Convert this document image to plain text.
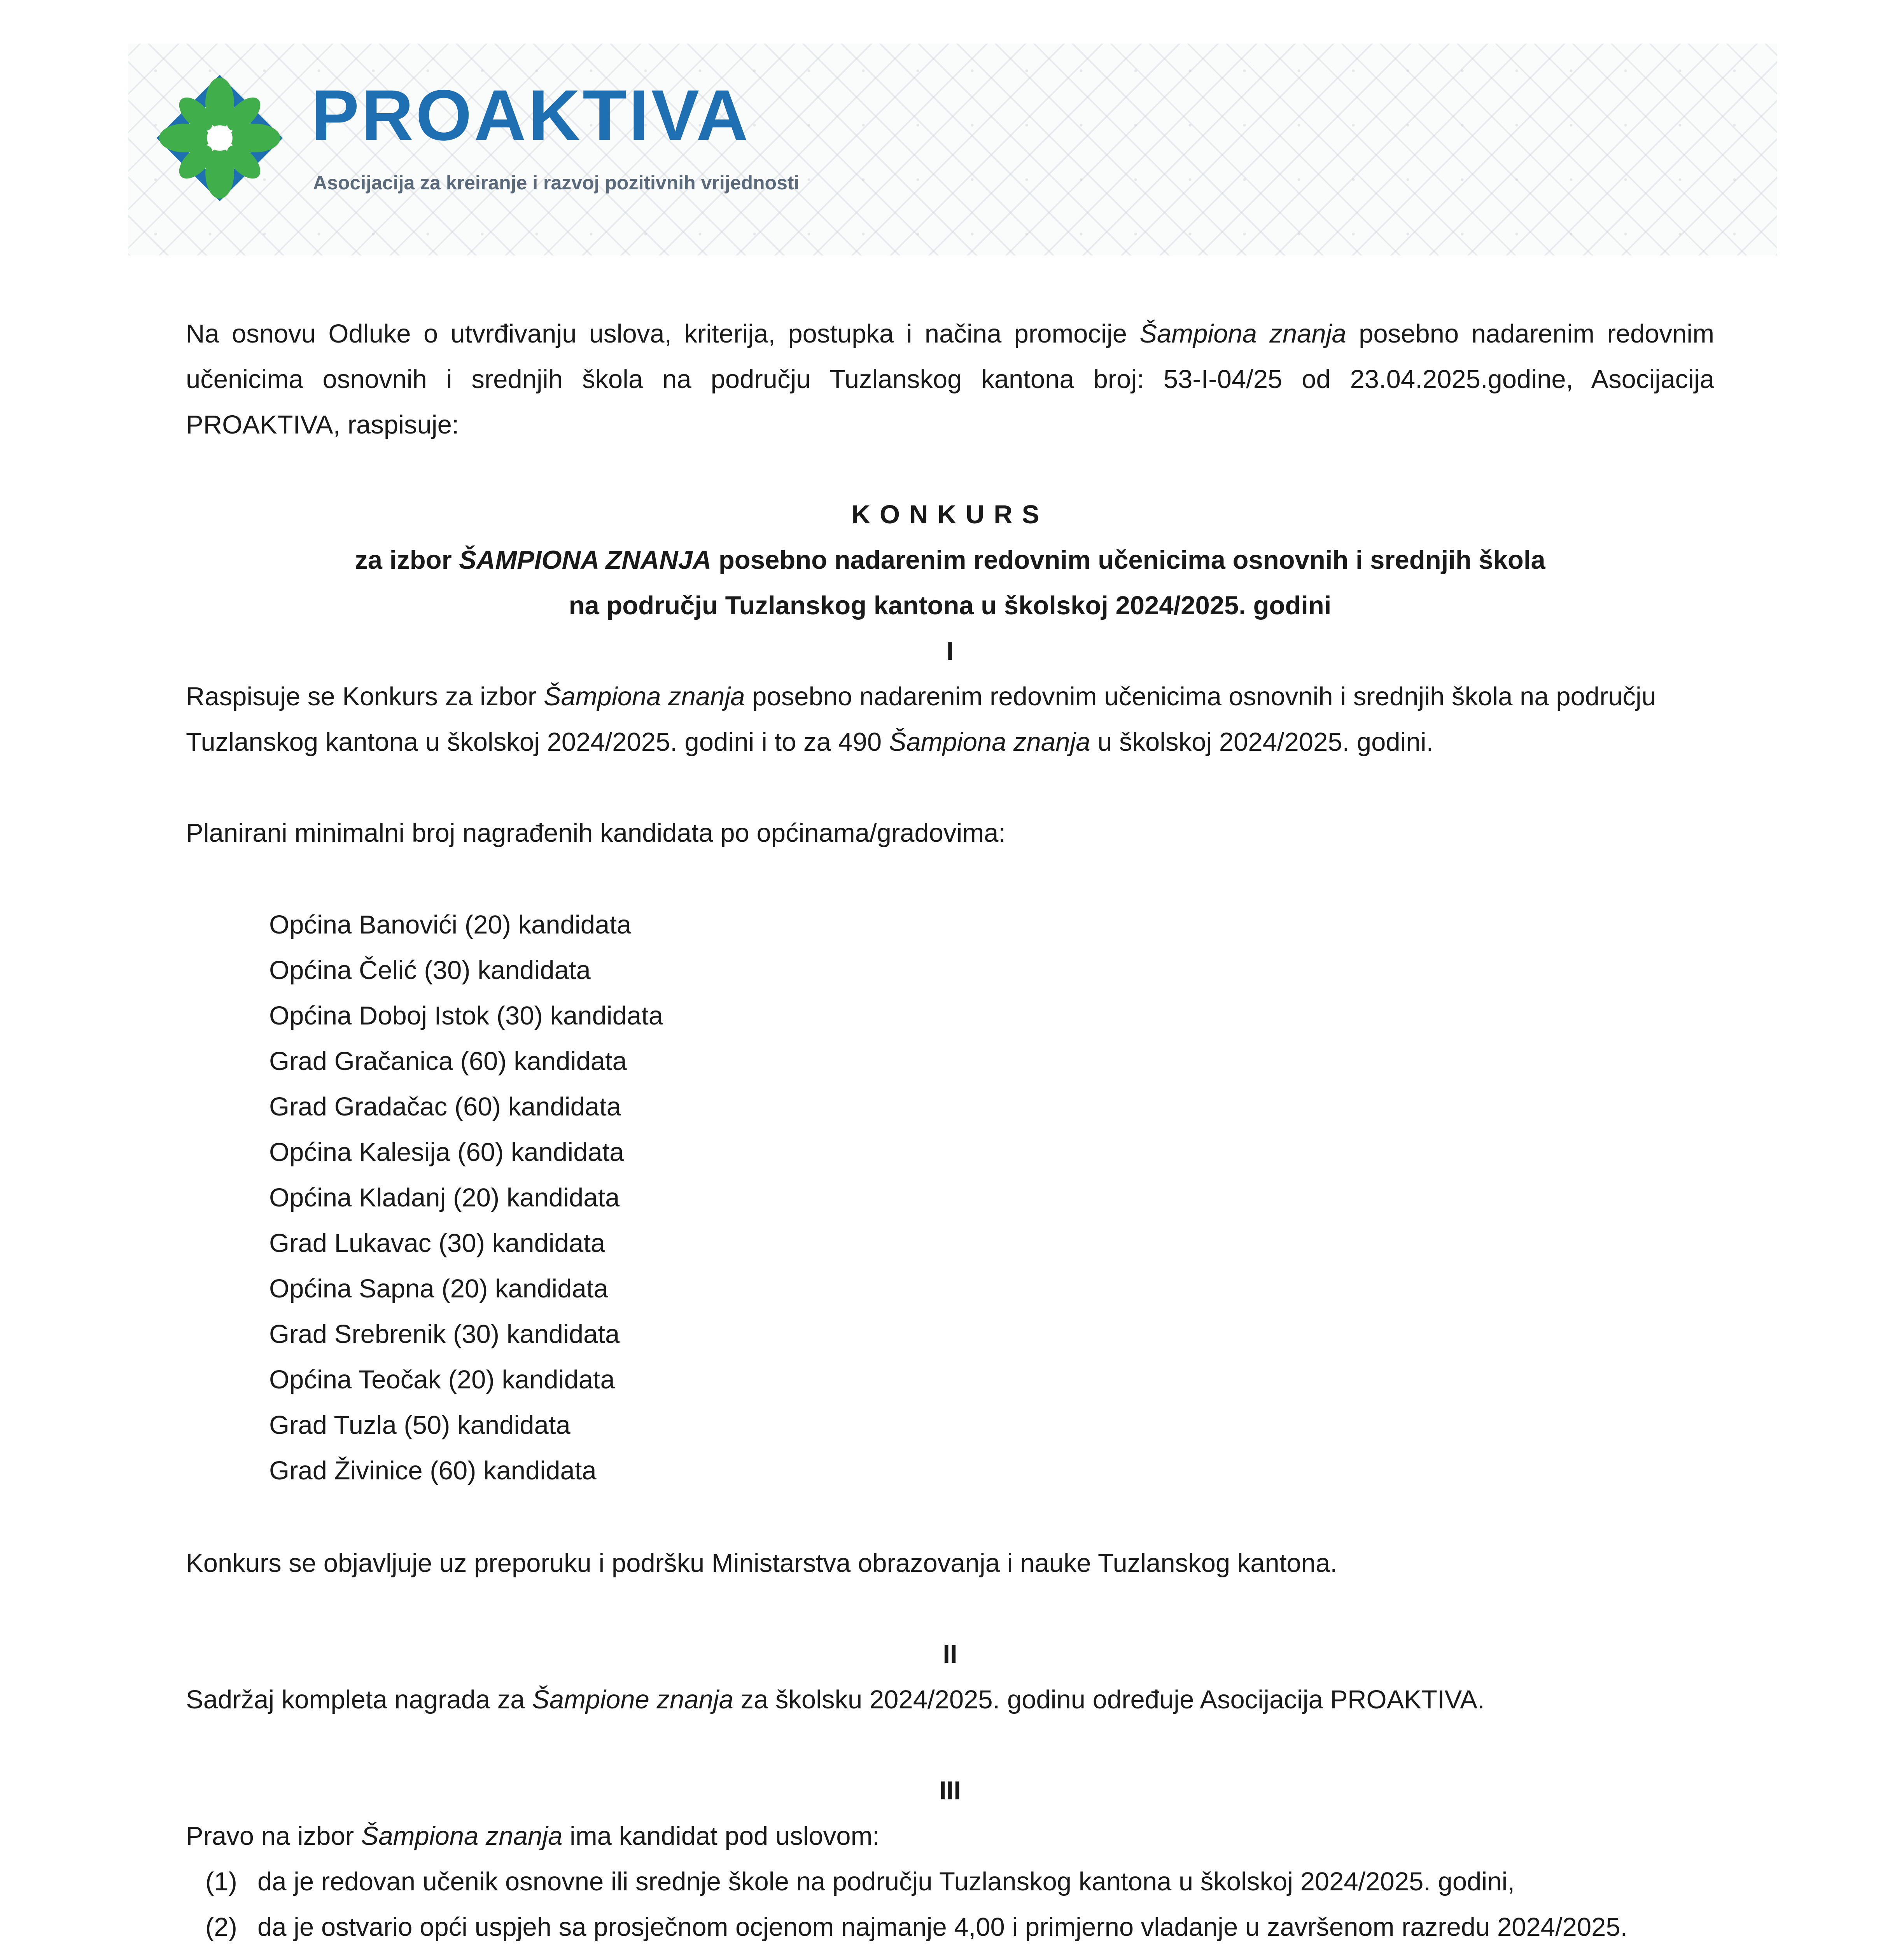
PROAKTIVA
Asocijacija za kreiranje i razvoj pozitivnih vrijednosti
Na osnovu Odluke o utvrđivanju uslova, kriterija, postupka i načina promocije Šampiona znanja posebno nadarenim redovnim učenicima osnovnih i srednjih škola na području Tuzlanskog kantona broj: 53-I-04/25 od 23.04.2025.godine, Asocijacija PROAKTIVA, raspisuje:
KONKURS
za izbor ŠAMPIONA ZNANJA posebno nadarenim redovnim učenicima osnovnih i srednjih škola
na području Tuzlanskog kantona u školskoj 2024/2025. godini
I

Raspisuje se Konkurs za izbor Šampiona znanja posebno nadarenim redovnim učenicima osnovnih i srednjih škola na području

Tuzlanskog kantona u školskoj 2024/2025. godini i to za 490 Šampiona znanja u školskoj 2024/2025. godini.

Planirani minimalni broj nagrađenih kandidata po općinama/gradovima:
Općina Banovići (20) kandidata
Općina Čelić (30) kandidata
Općina Doboj Istok (30) kandidata
Grad Gračanica (60) kandidata
Grad Gradačac (60) kandidata
Općina Kalesija (60) kandidata
Općina Kladanj (20) kandidata
Grad Lukavac (30) kandidata
Općina Sapna (20) kandidata
Grad Srebrenik (30) kandidata
Općina Teočak (20) kandidata
Grad Tuzla (50) kandidata
Grad Živinice (60) kandidata
Konkurs se objavljuje uz preporuku i podršku Ministarstva obrazovanja i nauke Tuzlanskog kantona.
II
Sadržaj kompleta nagrada za Šampione znanja za školsku 2024/2025. godinu određuje Asocijacija PROAKTIVA.
III
Pravo na izbor Šampiona znanja ima kandidat pod uslovom:
(1) da je redovan učenik osnovne ili srednje škole na području Tuzlanskog kantona u školskoj 2024/2025. godini,
(2) da je ostvario opći uspjeh sa prosječnom ocjenom najmanje 4,00 i primjerno vladanje u završenom razredu 2024/2025.
